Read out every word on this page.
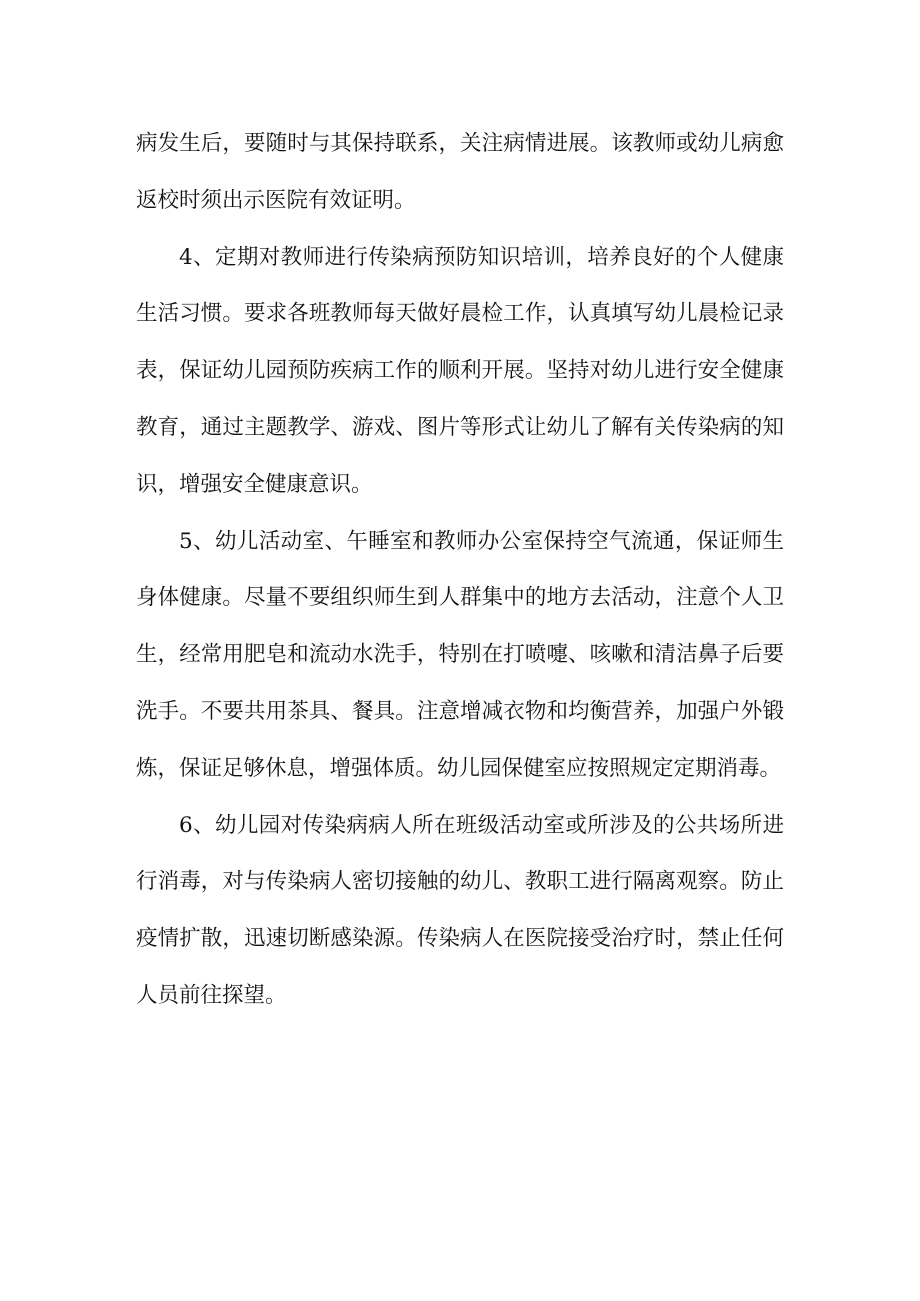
病发生后，要随时与其保持联系，关注病情进展。该教师或幼儿病愈返校时须出示医院有效证明。

4、定期对教师进行传染病预防知识培训，培养良好的个人健康生活习惯。要求各班教师每天做好晨检工作，认真填写幼儿晨检记录表，保证幼儿园预防疾病工作的顺利开展。坚持对幼儿进行安全健康教育，通过主题教学、游戏、图片等形式让幼儿了解有关传染病的知识，增强安全健康意识。

5、幼儿活动室、午睡室和教师办公室保持空气流通，保证师生身体健康。尽量不要组织师生到人群集中的地方去活动，注意个人卫生，经常用肥皂和流动水洗手，特别在打喷嚏、咳嗽和清洁鼻子后要洗手。不要共用茶具、餐具。注意增减衣物和均衡营养，加强户外锻炼，保证足够休息，增强体质。幼儿园保健室应按照规定定期消毒。

6、幼儿园对传染病病人所在班级活动室或所涉及的公共场所进行消毒，对与传染病人密切接触的幼儿、教职工进行隔离观察。防止疫情扩散，迅速切断感染源。传染病人在医院接受治疗时，禁止任何人员前往探望。
